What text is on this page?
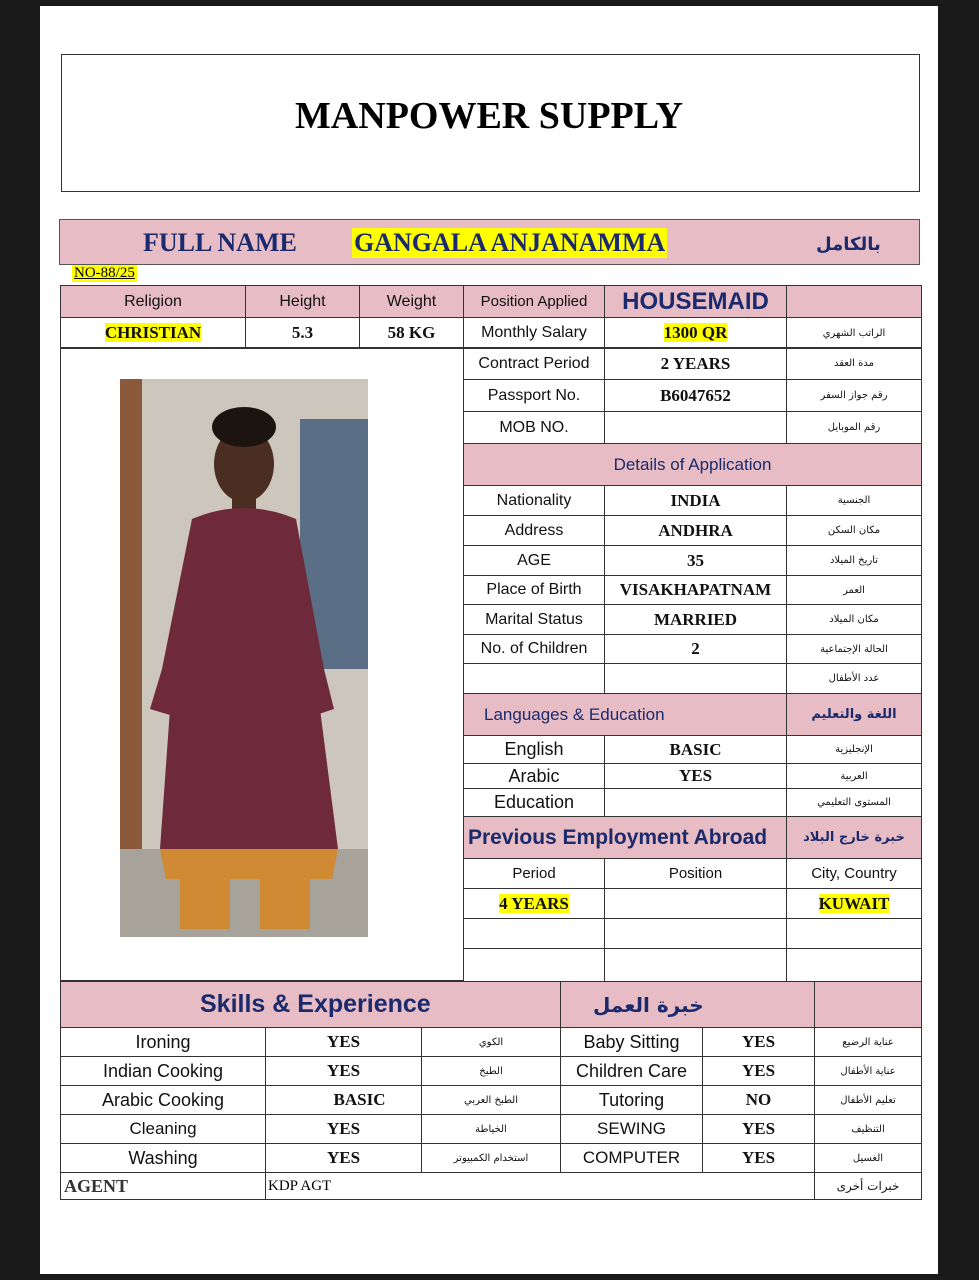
MANPOWER SUPPLY
FULL NAME GANGALA ANJANAMMA	بالكامل
NO-88/25
Religion	Height	Weight	Position Applied	HOUSEMAID	
CHRISTIAN	5.3	58 KG	Monthly Salary	1300 QR	الراتب الشهري
Contract Period	2 YEARS	مدة العقد
Passport No.	B6047652	رقم جواز السفر
MOB NO.		رقم الموبايل
Details of Application		
Nationality	INDIA	الجنسية
Address	ANDHRA	مكان السكن
AGE	35	تاريخ الميلاد
Place of Birth	VISAKHAPATNAM	العمر
Marital Status	MARRIED	مكان الميلاد
No. of Children	2	الحالة الإجتماعية
		عدد الأطفال
Languages & Education		اللغة والتعليم
English	BASIC	الإنجليزية
Arabic	YES	العربية
Education		المستوى التعليمي
Previous Employment Abroad		خبرة خارج البلاد
Period	Position	City, Country
4 YEARS		KUWAIT

Skills & Experience			خبرة العمل		
Ironing	YES	الكوي	Baby Sitting	YES	عناية الرضيع
Indian Cooking	YES	الطبخ	Children Care	YES	عناية الأطفال
Arabic Cooking	BASIC	الطبخ العربي	Tutoring	NO	تعليم الأطفال
Cleaning	YES	الخياطة	SEWING	YES	التنظيف
Washing	YES	استخدام الكمبيوتر	COMPUTER	YES	الغسيل
AGENT	KDP AGT				خبرات أخرى
